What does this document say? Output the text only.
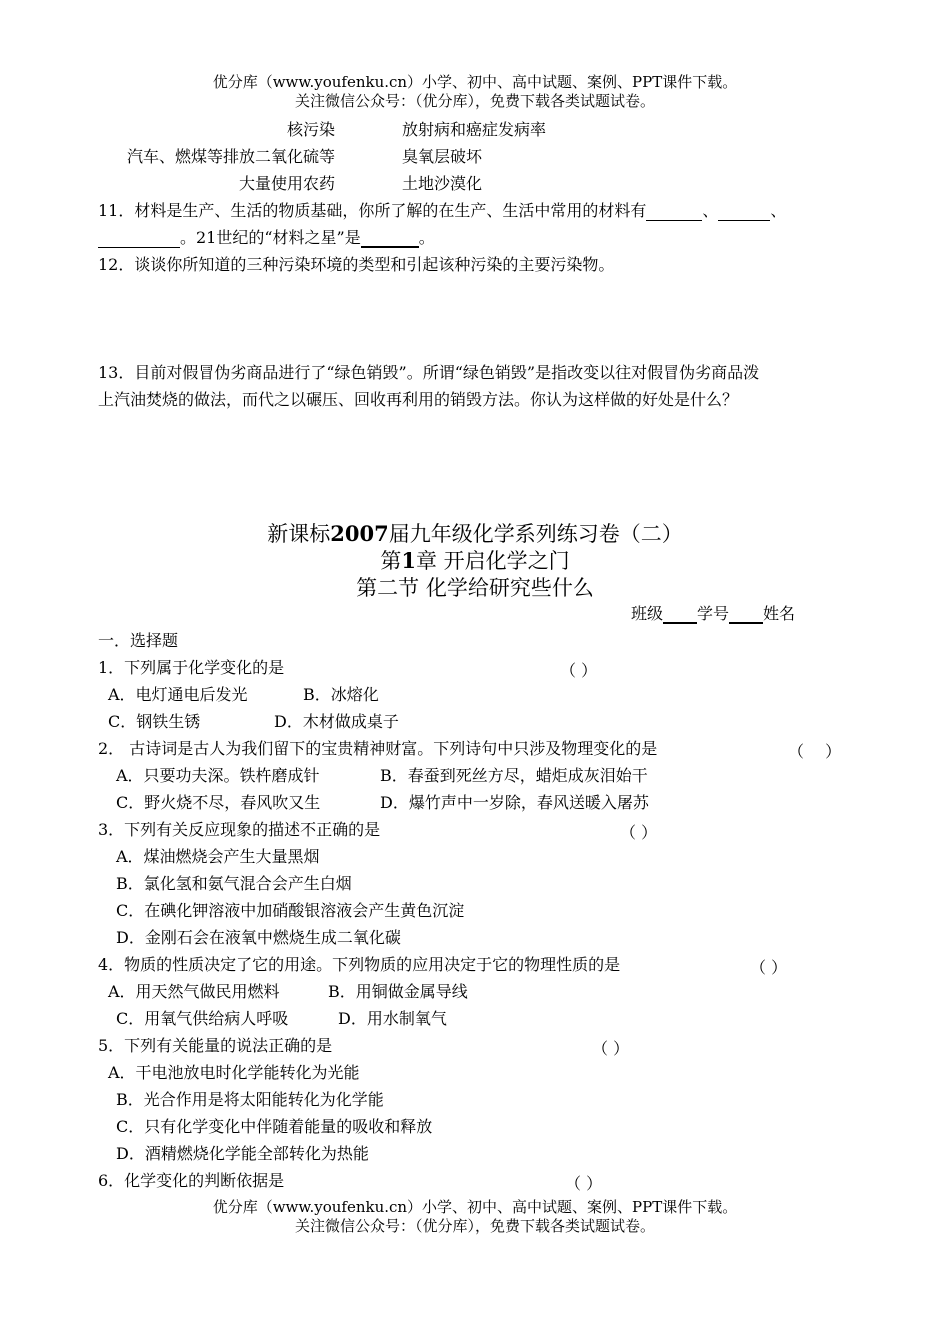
优分库（www.youfenku.cn）小学、初中、高中试题、案例、PPT课件下载。
关注微信公众号：（优分库），免费下载各类试题试卷。
核污染	放射病和癌症发病率
汽车、燃煤等排放二氧化硫等	臭氧层破坏
大量使用农药	土地沙漠化
11．材料是生产、生活的物质基础，你所了解的在生产、生活中常用的材料有	、	、
。21世纪的“材料之星”是	。
12．谈谈你所知道的三种污染环境的类型和引起该种污染的主要污染物。
13．目前对假冒伪劣商品进行了“绿色销毁”。所谓“绿色销毁”是指改变以往对假冒伪劣商品泼
上汽油焚烧的做法，而代之以碾压、回收再利用的销毁方法。你认为这样做的好处是什么？
新课标2007届九年级化学系列练习卷（二）
第1章 开启化学之门
第二节 化学给研究些什么
班级 学号 姓名
一．选择题
1．下列属于化学变化的是	（ ）
A．电灯通电后发光	B．冰熔化
C．钢铁生锈	D．木材做成桌子
2． 古诗词是古人为我们留下的宝贵精神财富。下列诗句中只涉及物理变化的是	（ ）
A．只要功夫深。铁杵磨成针	B．春蚕到死丝方尽，蜡炬成灰泪始干
C．野火烧不尽，春风吹又生	D．爆竹声中一岁除，春风送暖入屠苏
3．下列有关反应现象的描述不正确的是	（ ）
A．煤油燃烧会产生大量黑烟
B．氯化氢和氨气混合会产生白烟
C．在碘化钾溶液中加硝酸银溶液会产生黄色沉淀
D．金刚石会在液氧中燃烧生成二氧化碳
4．物质的性质决定了它的用途。下列物质的应用决定于它的物理性质的是	（ ）
A．用天然气做民用燃料	B．用铜做金属导线
C．用氧气供给病人呼吸	D．用水制氧气
5．下列有关能量的说法正确的是	（ ）
A．干电池放电时化学能转化为光能
B．光合作用是将太阳能转化为化学能
C．只有化学变化中伴随着能量的吸收和释放
D．酒精燃烧化学能全部转化为热能
6．化学变化的判断依据是	（ ）
优分库（www.youfenku.cn）小学、初中、高中试题、案例、PPT课件下载。
关注微信公众号：（优分库），免费下载各类试题试卷。
